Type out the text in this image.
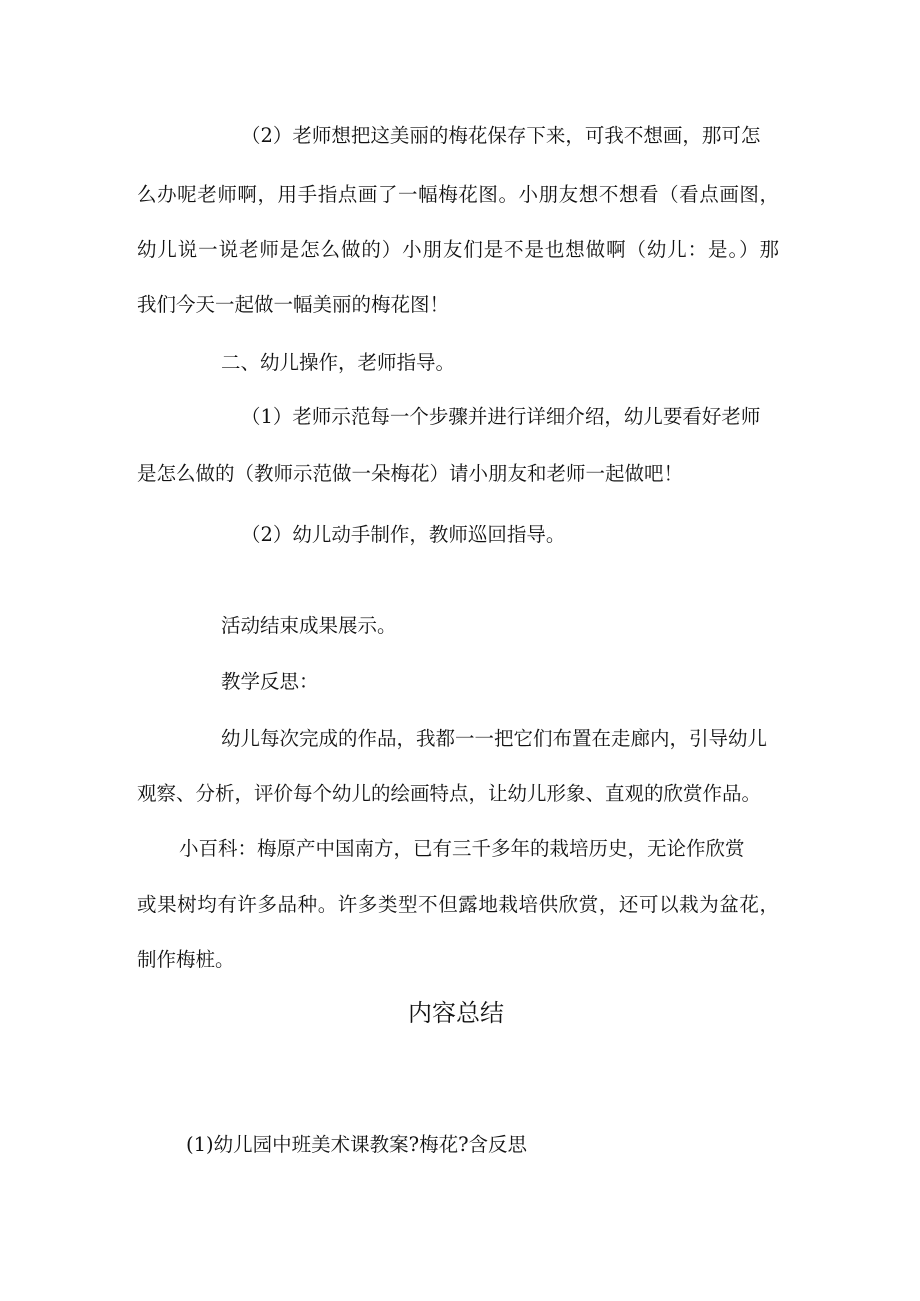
（2）老师想把这美丽的梅花保存下来，可我不想画，那可怎

么办呢老师啊，用手指点画了一幅梅花图。小朋友想不想看（看点画图，

幼儿说一说老师是怎么做的）小朋友们是不是也想做啊（幼儿：是。）那

我们今天一起做一幅美丽的梅花图！

二、幼儿操作，老师指导。

（1）老师示范每一个步骤并进行详细介绍，幼儿要看好老师

是怎么做的（教师示范做一朵梅花）请小朋友和老师一起做吧！

（2）幼儿动手制作，教师巡回指导。

活动结束成果展示。

教学反思：

幼儿每次完成的作品，我都一一把它们布置在走廊内，引导幼儿

观察、分析，评价每个幼儿的绘画特点，让幼儿形象、直观的欣赏作品。

小百科：梅原产中国南方，已有三千多年的栽培历史，无论作欣赏

或果树均有许多品种。许多类型不但露地栽培供欣赏，还可以栽为盆花，

制作梅桩。

内容总结

(1)幼儿园中班美术课教案?梅花?含反思
